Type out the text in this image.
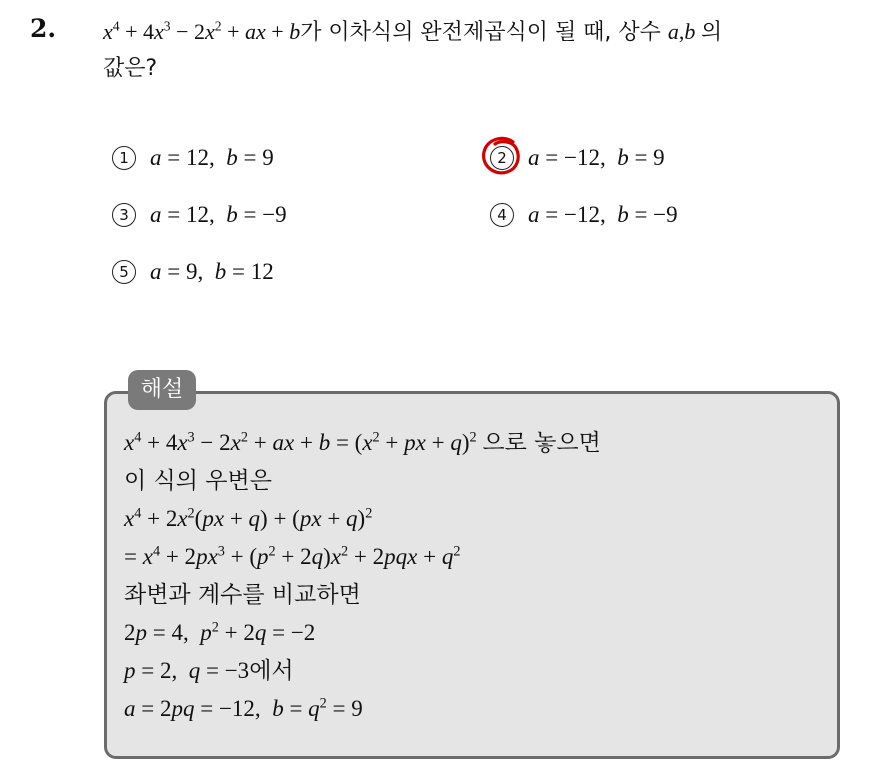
2. $x^4 + 4x^3 - 2x^2$ + ax + b가 이차식의 완전제곱식이 될 때, 상수 a,b 의
값은?
1 a = 12,  b = 9	2 a = −12,  b = 9
3 a = 12,  b = −9	4 a = −12,  b = −9
5 a = 9,  b = 12
해설
$x^4 + 4x^3 - 2x^2$ + ax + $b = (x^2$ + px + q)$^2$ 으로 놓으면
이 식의 우변은
$x^4 + 2x^2(px + q) + (px + q)^2$
= $x^4 + 2px^3 + (p^2 + 2q)x^2 + 2pqx + q^2$
좌변과 계수를 비교하면
2p = 4,  $p^2 + 2q = -2$
p = 2,  q = −3에서
a = 2pq = −12,  $b = q^2 = 9$
